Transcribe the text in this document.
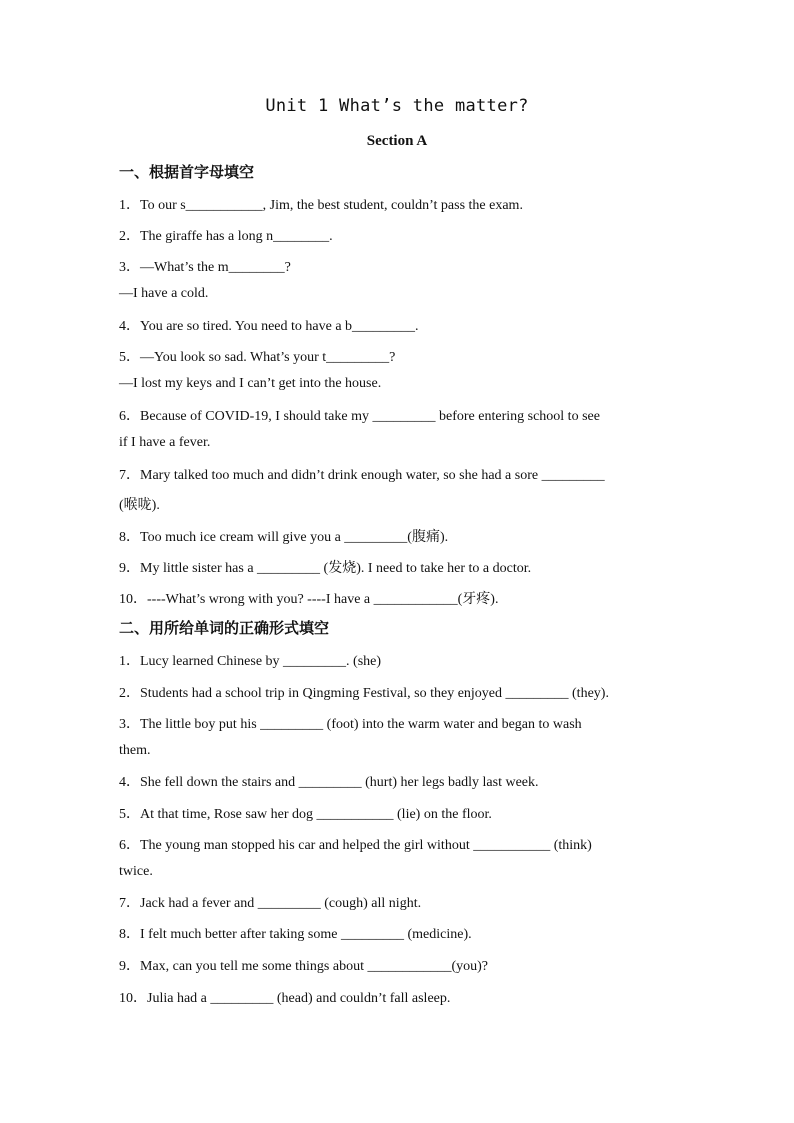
Unit 1 What’s the matter?
Section A
一、根据首字母填空
1．To our s___________, Jim, the best student, couldn’t pass the exam.
2．The giraffe has a long n________.
3．—What’s the m________?
—I have a cold.
4．You are so tired. You need to have a b_________.
5．—You look so sad. What’s your t_________?
—I lost my keys and I can’t get into the house.
6．Because of COVID-19, I should take my _________ before entering school to see
if I have a fever.
7．Mary talked too much and didn’t drink enough water, so she had a sore _________
(喉咙).
8．Too much ice cream will give you a _________(腹痛).
9．My little sister has a _________ (发烧). I need to take her to a doctor.
10．----What’s wrong with you? ----I have a ____________(牙疼).
二、用所给单词的正确形式填空
1．Lucy learned Chinese by _________. (she)
2．Students had a school trip in Qingming Festival, so they enjoyed _________ (they).
3．The little boy put his _________ (foot) into the warm water and began to wash
them.
4．She fell down the stairs and _________ (hurt) her legs badly last week.
5．At that time, Rose saw her dog ___________ (lie) on the floor.
6．The young man stopped his car and helped the girl without ___________ (think)
twice.
7．Jack had a fever and _________ (cough) all night.
8．I felt much better after taking some _________ (medicine).
9．Max, can you tell me some things about ____________(you)?
10．Julia had a _________ (head) and couldn’t fall asleep.
